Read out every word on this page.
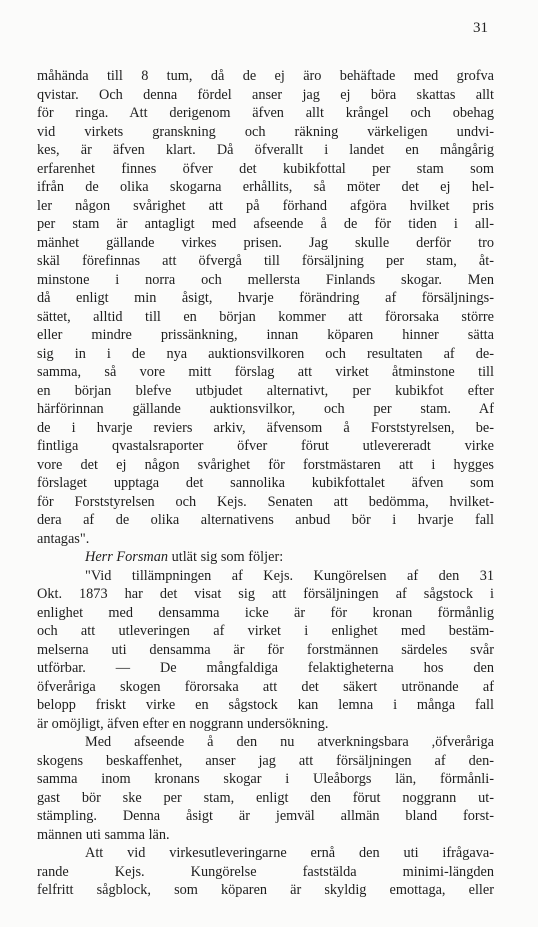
31
måhända till 8 tum, då de ej äro behäftade med grofva
qvistar. Och denna fördel anser jag ej böra skattas allt
för ringa. Att derigenom äfven allt krångel och obehag
vid virkets granskning och räkning värkeligen undvi-
kes, är äfven klart. Då öfverallt i landet en mångårig
erfarenhet finnes öfver det kubikfottal per stam som
ifrån de olika skogarna erhållits, så möter det ej hel-
ler någon svårighet att på förhand afgöra hvilket pris
per stam är antagligt med afseende å de för tiden i all-
mänhet gällande virkes prisen. Jag skulle derför tro
skäl förefinnas att öfvergå till försäljning per stam, åt-
minstone i norra och mellersta Finlands skogar. Men
då enligt min åsigt, hvarje förändring af försäljnings-
sättet, alltid till en början kommer att förorsaka större
eller mindre prissänkning, innan köparen hinner sätta
sig in i de nya auktionsvilkoren och resultaten af de-
samma, så vore mitt förslag att virket åtminstone till
en början blefve utbjudet alternativt, per kubikfot efter
härförinnan gällande auktionsvilkor, och per stam. Af
de i hvarje reviers arkiv, äfvensom å Forststyrelsen, be-
fintliga qvastalsraporter öfver förut utlevereradt virke
vore det ej någon svårighet för forstmästaren att i hygges
förslaget upptaga det sannolika kubikfottalet äfven som
för Forststyrelsen och Kejs. Senaten att bedömma, hvilket-
dera af de olika alternativens anbud bör i hvarje fall
antagas".
Herr Forsman utlät sig som följer:
"Vid tillämpningen af Kejs. Kungörelsen af den 31
Okt. 1873 har det visat sig att försäljningen af sågstock i
enlighet med densamma icke är för kronan förmånlig
och att utleveringen af virket i enlighet med bestäm-
melserna uti densamma är för forstmännen särdeles svår
utförbar. — De mångfaldiga felaktigheterna hos den
öfveråriga skogen förorsaka att det säkert utrönande af
belopp friskt virke en sågstock kan lemna i många fall
är omöjligt, äfven efter en noggrann undersökning.
Med afseende å den nu atverkningsbara ,öfveråriga
skogens beskaffenhet, anser jag att försäljningen af den-
samma inom kronans skogar i Uleåborgs län, förmånli-
gast bör ske per stam, enligt den förut noggrann ut-
stämpling. Denna åsigt är jemväl allmän bland forst-
männen uti samma län.
Att vid virkesutleveringarne ernå den uti ifrågava-
rande Kejs. Kungörelse faststälda minimi-längden
felfritt sågblock, som köparen är skyldig emottaga, eller
